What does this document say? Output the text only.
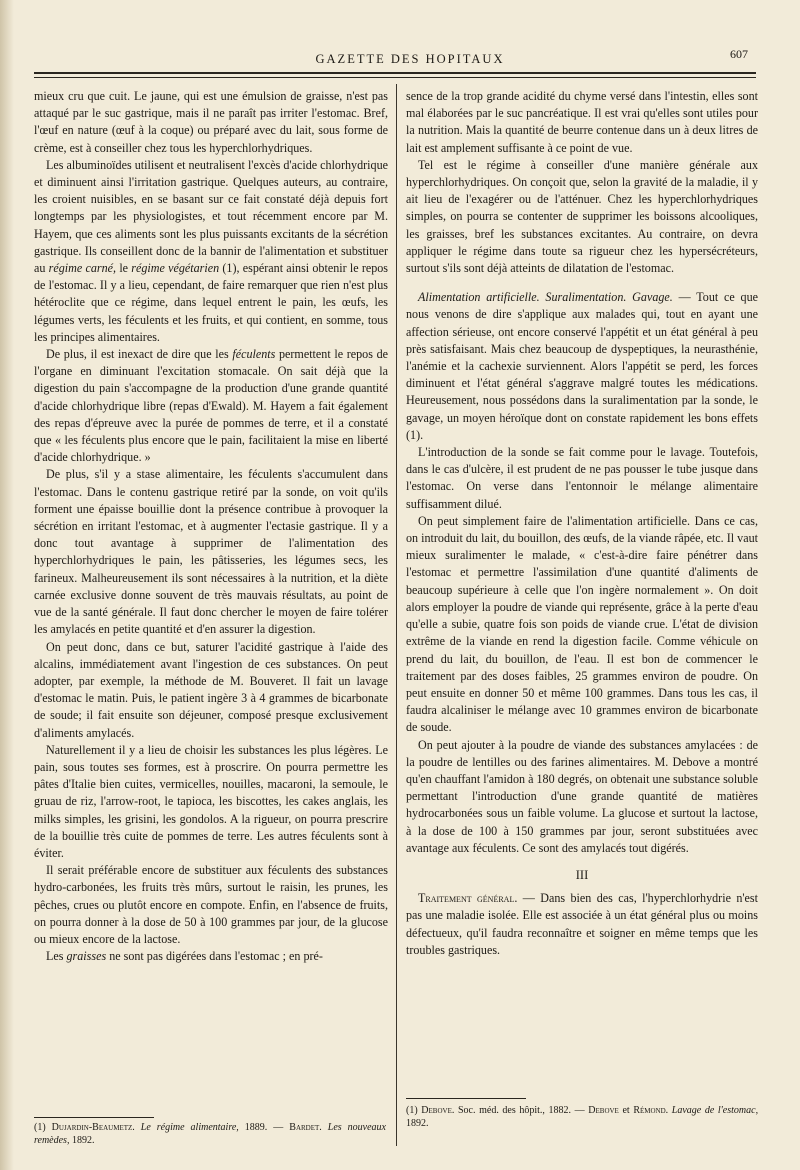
GAZETTE DES HOPITAUX	607

mieux cru que cuit. Le jaune, qui est une émulsion de graisse, n'est pas attaqué par le suc gastrique, mais il ne paraît pas irriter l'estomac. Bref, l'œuf en nature (œuf à la coque) ou préparé avec du lait, sous forme de crème, est à conseiller chez tous les hyperchlorhydriques.

Les albuminoïdes utilisent et neutralisent l'excès d'acide chlorhydrique et diminuent ainsi l'irritation gastrique. Quelques auteurs, au contraire, les croient nuisibles, en se basant sur ce fait constaté déjà depuis fort longtemps par les physiologistes, et tout récemment encore par M. Hayem, que ces aliments sont les plus puissants excitants de la sécrétion gastrique. Ils conseillent donc de la bannir de l'alimentation et substituer au régime carné, le régime végétarien (1), espérant ainsi obtenir le repos de l'estomac. Il y a lieu, cependant, de faire remarquer que rien n'est plus hétéroclite que ce régime, dans lequel entrent le pain, les œufs, les légumes verts, les féculents et les fruits, et qui contient, en somme, tous les principes alimentaires.

De plus, il est inexact de dire que les féculents permettent le repos de l'organe en diminuant l'excitation stomacale. On sait déjà que la digestion du pain s'accompagne de la production d'une grande quantité d'acide chlorhydrique libre (repas d'Ewald). M. Hayem a fait également des repas d'épreuve avec la purée de pommes de terre, et il a constaté que « les féculents plus encore que le pain, facilitaient la mise en liberté d'acide chlorhydrique. »

De plus, s'il y a stase alimentaire, les féculents s'accumulent dans l'estomac. Dans le contenu gastrique retiré par la sonde, on voit qu'ils forment une épaisse bouillie dont la présence contribue à provoquer la sécrétion en irritant l'estomac, et à augmenter l'ectasie gastrique. Il y a donc tout avantage à supprimer de l'alimentation des hyperchlorhydriques le pain, les pâtisseries, les légumes secs, les farineux. Malheureusement ils sont nécessaires à la nutrition, et la diète carnée exclusive donne souvent de très mauvais résultats, au point de vue de la santé générale. Il faut donc chercher le moyen de faire tolérer les amylacés en petite quantité et d'en assurer la digestion.

On peut donc, dans ce but, saturer l'acidité gastrique à l'aide des alcalins, immédiatement avant l'ingestion de ces substances. On peut adopter, par exemple, la méthode de M. Bouveret. Il fait un lavage d'estomac le matin. Puis, le patient ingère 3 à 4 grammes de bicarbonate de soude; il fait ensuite son déjeuner, composé presque exclusivement d'aliments amylacés.

Naturellement il y a lieu de choisir les substances les plus légères. Le pain, sous toutes ses formes, est à proscrire. On pourra permettre les pâtes d'Italie bien cuites, vermicelles, nouilles, macaroni, la semoule, le gruau de riz, l'arrow-root, le tapioca, les biscottes, les cakes anglais, les milks simples, les grisini, les gondolos. A la rigueur, on pourra prescrire de la bouillie très cuite de pommes de terre. Les autres féculents sont à éviter.

Il serait préférable encore de substituer aux féculents des substances hydro-carbonées, les fruits très mûrs, surtout le raisin, les prunes, les pêches, crues ou plutôt encore en compote. Enfin, en l'absence de fruits, on pourra donner à la dose de 50 à 100 grammes par jour, de la glucose ou mieux encore de la lactose.

Les graisses ne sont pas digérées dans l'estomac ; en pré-

sence de la trop grande acidité du chyme versé dans l'intestin, elles sont mal élaborées par le suc pancréatique. Il est vrai qu'elles sont utiles pour la nutrition. Mais la quantité de beurre contenue dans un à deux litres de lait est amplement suffisante à ce point de vue.

Tel est le régime à conseiller d'une manière générale aux hyperchlorhydriques. On conçoit que, selon la gravité de la maladie, il y ait lieu de l'exagérer ou de l'atténuer. Chez les hyperchlorhydriques simples, on pourra se contenter de supprimer les boissons alcooliques, les graisses, bref les substances excitantes. Au contraire, on devra appliquer le régime dans toute sa rigueur chez les hypersécréteurs, surtout s'ils sont déjà atteints de dilatation de l'estomac.

Alimentation artificielle. Suralimentation. Gavage. — Tout ce que nous venons de dire s'applique aux malades qui, tout en ayant une affection sérieuse, ont encore conservé l'appétit et un état général à peu près satisfaisant. Mais chez beaucoup de dyspeptiques, la neurasthénie, l'anémie et la cachexie surviennent. Alors l'appétit se perd, les forces diminuent et l'état général s'aggrave malgré toutes les médications. Heureusement, nous possédons dans la suralimentation par la sonde, le gavage, un moyen héroïque dont on constate rapidement les bons effets (1).

L'introduction de la sonde se fait comme pour le lavage. Toutefois, dans le cas d'ulcère, il est prudent de ne pas pousser le tube jusque dans l'estomac. On verse dans l'entonnoir le mélange alimentaire suffisamment dilué.

On peut simplement faire de l'alimentation artificielle. Dans ce cas, on introduit du lait, du bouillon, des œufs, de la viande râpée, etc. Il vaut mieux suralimenter le malade, « c'est-à-dire faire pénétrer dans l'estomac et permettre l'assimilation d'une quantité d'aliments de beaucoup supérieure à celle que l'on ingère normalement ». On doit alors employer la poudre de viande qui représente, grâce à la perte d'eau qu'elle a subie, quatre fois son poids de viande crue. L'état de division extrême de la viande en rend la digestion facile. Comme véhicule on prend du lait, du bouillon, de l'eau. Il est bon de commencer le traitement par des doses faibles, 25 grammes environ de poudre. On peut ensuite en donner 50 et même 100 grammes. Dans tous les cas, il faudra alcaliniser le mélange avec 10 grammes environ de bicarbonate de soude.

On peut ajouter à la poudre de viande des substances amylacées : de la poudre de lentilles ou des farines alimentaires. M. Debove a montré qu'en chauffant l'amidon à 180 degrés, on obtenait une substance soluble permettant l'introduction d'une grande quantité de matières hydrocarbonées sous un faible volume. La glucose et surtout la lactose, à la dose de 100 à 150 grammes par jour, seront substituées avec avantage aux féculents. Ce sont des amylacés tout digérés.

III

Traitement général. — Dans bien des cas, l'hyperchlorhydrie n'est pas une maladie isolée. Elle est associée à un état général plus ou moins défectueux, qu'il faudra reconnaître et soigner en même temps que les troubles gastriques.

(1) Dujardin-Beaumetz. Le régime alimentaire, 1889. — Bardet. Les nouveaux remèdes, 1892.
(1) Debove. Soc. méd. des hôpit., 1882. — Debove et Rémond. Lavage de l'estomac, 1892.
